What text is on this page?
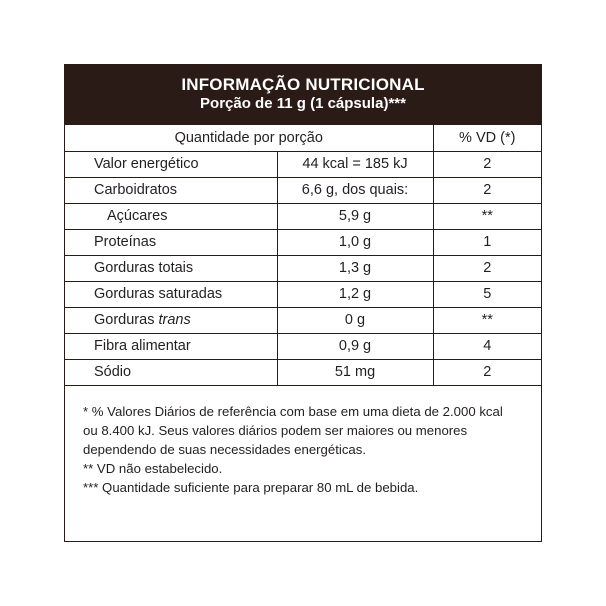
INFORMAÇÃO NUTRICIONAL
Porção de 11 g (1 cápsula)***
Quantidade por porção		% VD (*)
Valor energético	44 kcal = 185 kJ	2
Carboidratos	6,6 g, dos quais:	2
Açúcares	5,9 g	**
Proteínas	1,0 g	1
Gorduras totais	1,3 g	2
Gorduras saturadas	1,2 g	5
Gorduras trans	0 g	**
Fibra alimentar	0,9 g	4
Sódio	51 mg	2
* % Valores Diários de referência com base em uma dieta de 2.000 kcal
ou 8.400 kJ. Seus valores diários podem ser maiores ou menores
dependendo de suas necessidades energéticas.
** VD não estabelecido.
*** Quantidade suficiente para preparar 80 mL de bebida.
